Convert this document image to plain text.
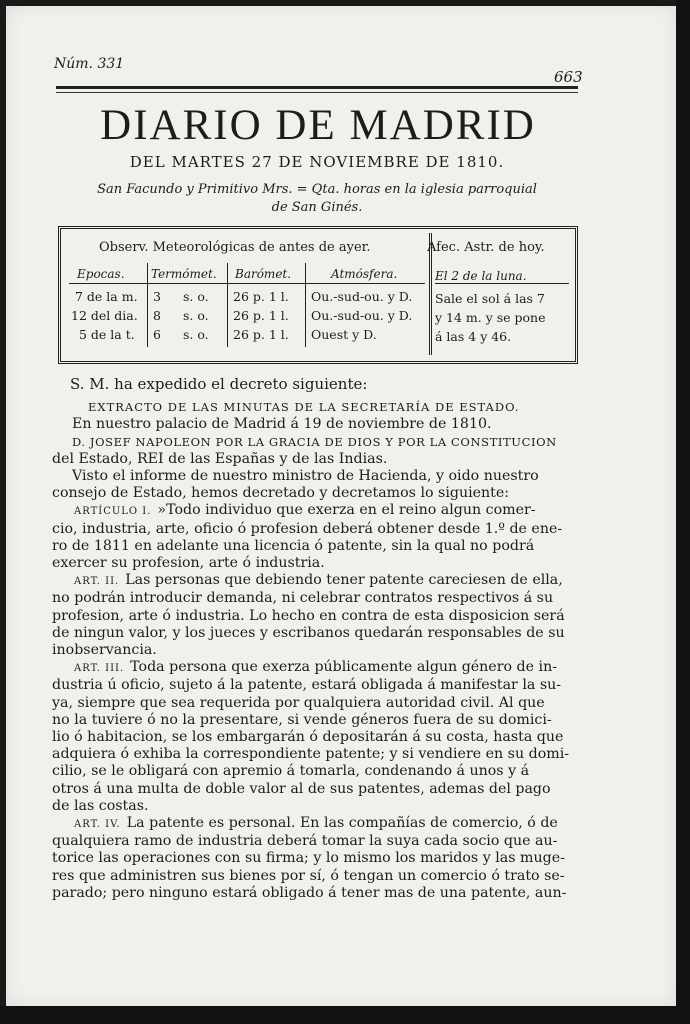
Núm. 331
663
DIARIO DE MADRID
DEL MARTES 27 DE NOVIEMBRE DE 1810.
San Facundo y Primitivo Mrs. = Qta. horas en la iglesia parroquial
de San Ginés.
Observ. Meteorológicas de antes de ayer.	Afec. Astr. de hoy.
Epocas. Termómet. Barómet.	Atmósfera.
7 de la m. 3 s. o. 26 p. 1 l. Ou.-sud-ou. y D.
12 del dia. 8 s. o. 26 p. 1 l. Ou.-sud-ou. y D.
5 de la t. 6 s. o. 26 p. 1 l. Ouest y D.
El 2 de la luna.
Sale el sol á las 7
y 14 m. y se pone
á las 4 y 46.
S. M. ha expedido el decreto siguiente:
EXTRACTO DE LAS MINUTAS DE LA SECRETARÍA DE ESTADO.
En nuestro palacio de Madrid á 19 de noviembre de 1810.
D. JOSEF NAPOLEON POR LA GRACIA DE DIOS Y POR LA CONSTITUCION
del Estado, REI de las Españas y de las Indias.
Visto el informe de nuestro ministro de Hacienda, y oido nuestro
consejo de Estado, hemos decretado y decretamos lo siguiente:
ARTÍCULO I. »Todo individuo que exerza en el reino algun comer-
cio, industria, arte, oficio ó profesion deberá obtener desde 1.º de ene-
ro de 1811 en adelante una licencia ó patente, sin la qual no podrá
exercer su profesion, arte ó industria.
ART. II. Las personas que debiendo tener patente careciesen de ella,
no podrán introducir demanda, ni celebrar contratos respectivos á su
profesion, arte ó industria. Lo hecho en contra de esta disposicion será
de ningun valor, y los jueces y escribanos quedarán responsables de su
inobservancia.
ART. III. Toda persona que exerza públicamente algun género de in-
dustria ú oficio, sujeto á la patente, estará obligada á manifestar la su-
ya, siempre que sea requerida por qualquiera autoridad civil. Al que
no la tuviere ó no la presentare, si vende géneros fuera de su domici-
lio ó habitacion, se los embargarán ó depositarán á su costa, hasta que
adquiera ó exhiba la correspondiente patente; y si vendiere en su domi-
cilio, se le obligará con apremio á tomarla, condenando á unos y á
otros á una multa de doble valor al de sus patentes, ademas del pago
de las costas.
ART. IV. La patente es personal. En las compañías de comercio, ó de
qualquiera ramo de industria deberá tomar la suya cada socio que au-
torice las operaciones con su firma; y lo mismo los maridos y las muge-
res que administren sus bienes por sí, ó tengan un comercio ó trato se-
parado; pero ninguno estará obligado á tener mas de una patente, aun-
